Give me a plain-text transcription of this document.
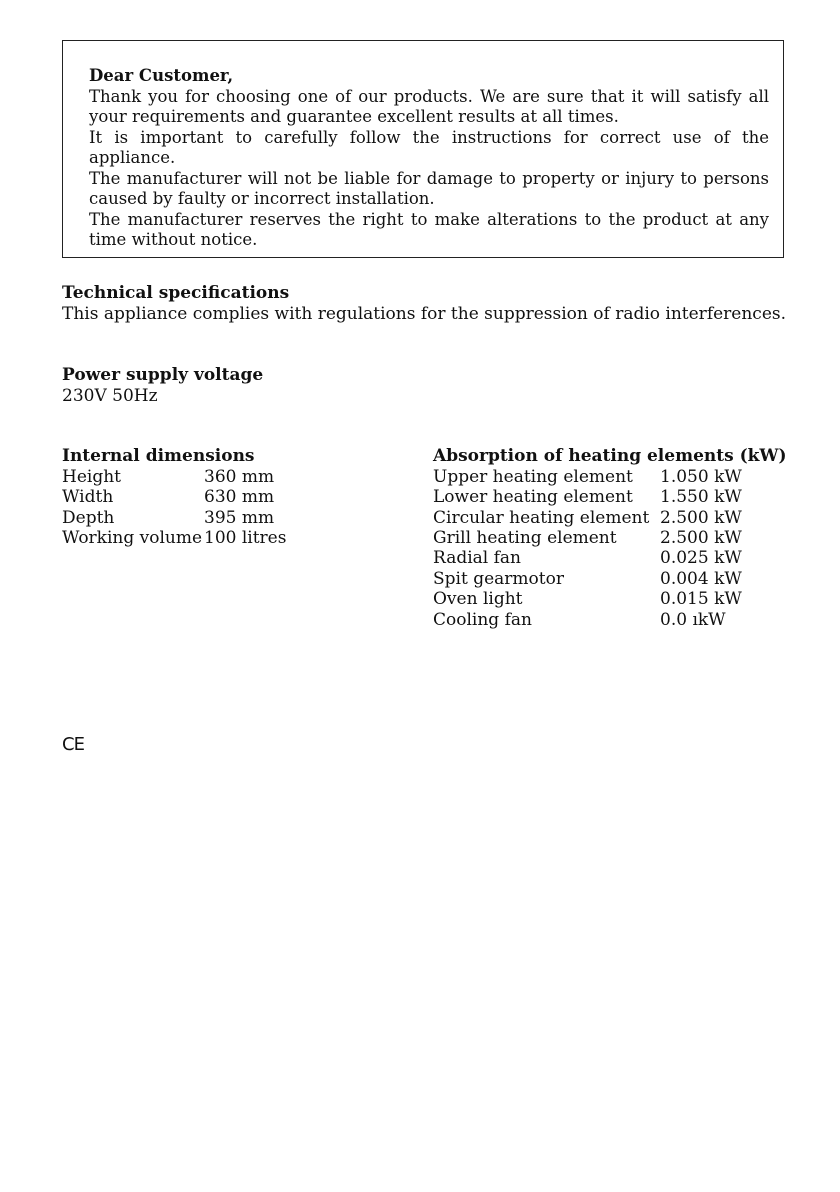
Dear Customer,
Thank you for choosing one of our products. We are sure that it will satisfy all your requirements and guarantee excellent results at all times.
It is important to carefully follow the instructions for correct use of the appliance.
The manufacturer will not be liable for damage to property or injury to persons caused by faulty or incorrect installation.
The manufacturer reserves the right to make alterations to the product at any time without notice.
Technical specifications
This appliance complies with regulations for the suppression of radio interferences.
Power supply voltage
230V 50Hz
Internal dimensions
Height	360 mm
Width	630 mm
Depth	395 mm
Working volume 100 litres
Absorption of heating elements (kW)
Upper heating element 1.050 kW
Lower heating element 1.550 kW
Circular heating element 2.500 kW
Grill heating element	2.500 kW
Radial fan	0.025 kW
Spit gearmotor	0.004 kW
Oven light	0.015 kW
Cooling fan	0.0 ıkW
CE
